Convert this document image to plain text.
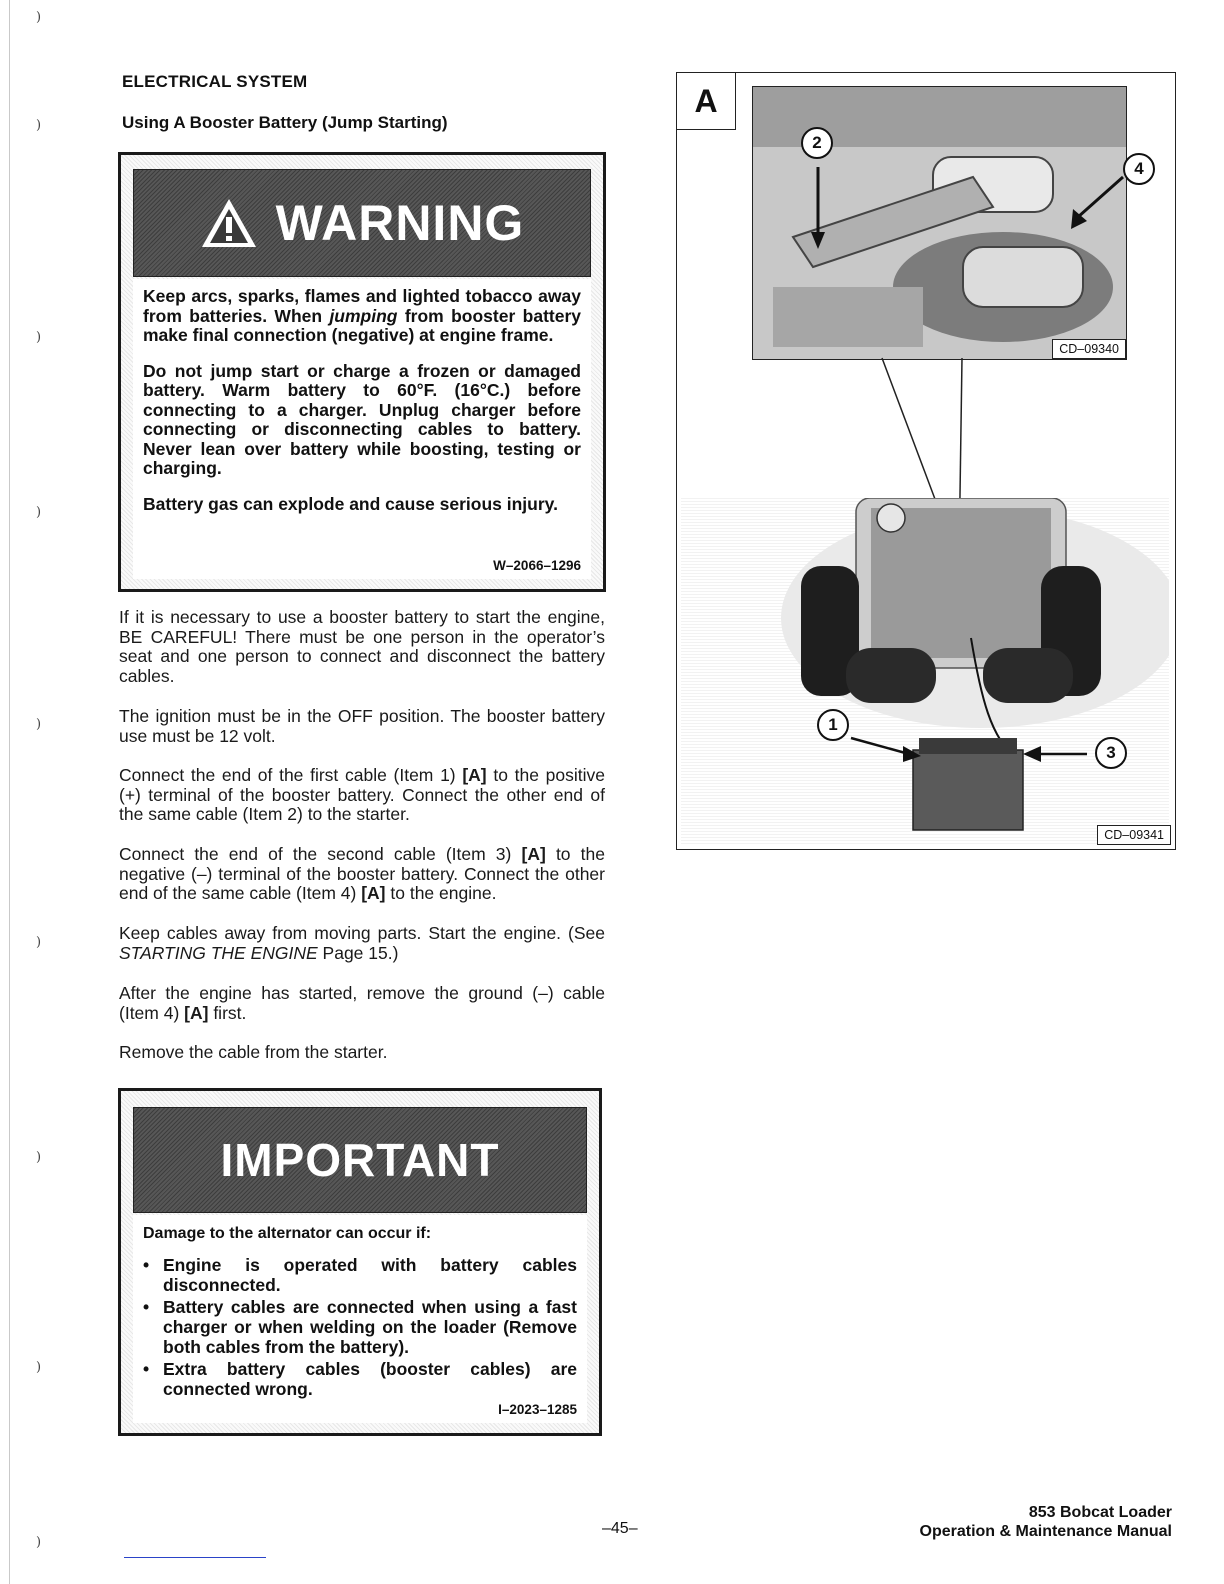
)
)
)
)
)
)
)
)
)
ELECTRICAL SYSTEM
Using A Booster Battery (Jump Starting)
WARNING

Keep arcs, sparks, flames and lighted tobacco away from batteries. When jumping from booster battery make final connection (negative) at engine frame.

Do not jump start or charge a frozen or damaged battery. Warm battery to 60°F. (16°C.) before connecting to a charger. Unplug charger before connecting or disconnecting cables to battery. Never lean over battery while boosting, testing or charging.

Battery gas can explode and cause serious injury.

W–2066–1296

If it is necessary to use a booster battery to start the engine, BE CAREFUL! There must be one person in the operator’s seat and one person to connect and disconnect the battery cables.

The ignition must be in the OFF position. The booster battery use must be 12 volt.

Connect the end of the first cable (Item 1) [A] to the positive (+) terminal of the booster battery. Connect the other end of the same cable (Item 2) to the starter.

Connect the end of the second cable (Item 3) [A] to the negative (–) terminal of the booster battery. Connect the other end of the same cable (Item 4) [A] to the engine.

Keep cables away from moving parts. Start the engine. (See STARTING THE ENGINE Page 15.)

After the engine has started, remove the ground (–) cable (Item 4) [A] first.

Remove the cable from the starter.

IMPORTANT
Damage to the alternator can occur if:
• Engine is operated with battery cables disconnected.
• Battery cables are connected when using a fast charger or when welding on the loader (Remove both cables from the battery).
• Extra battery cables (booster cables) are connected wrong.
I–2023–1285
A
CD–09340
2
4
1
3
CD–09341
–45–
853 Bobcat Loader
Operation & Maintenance Manual
